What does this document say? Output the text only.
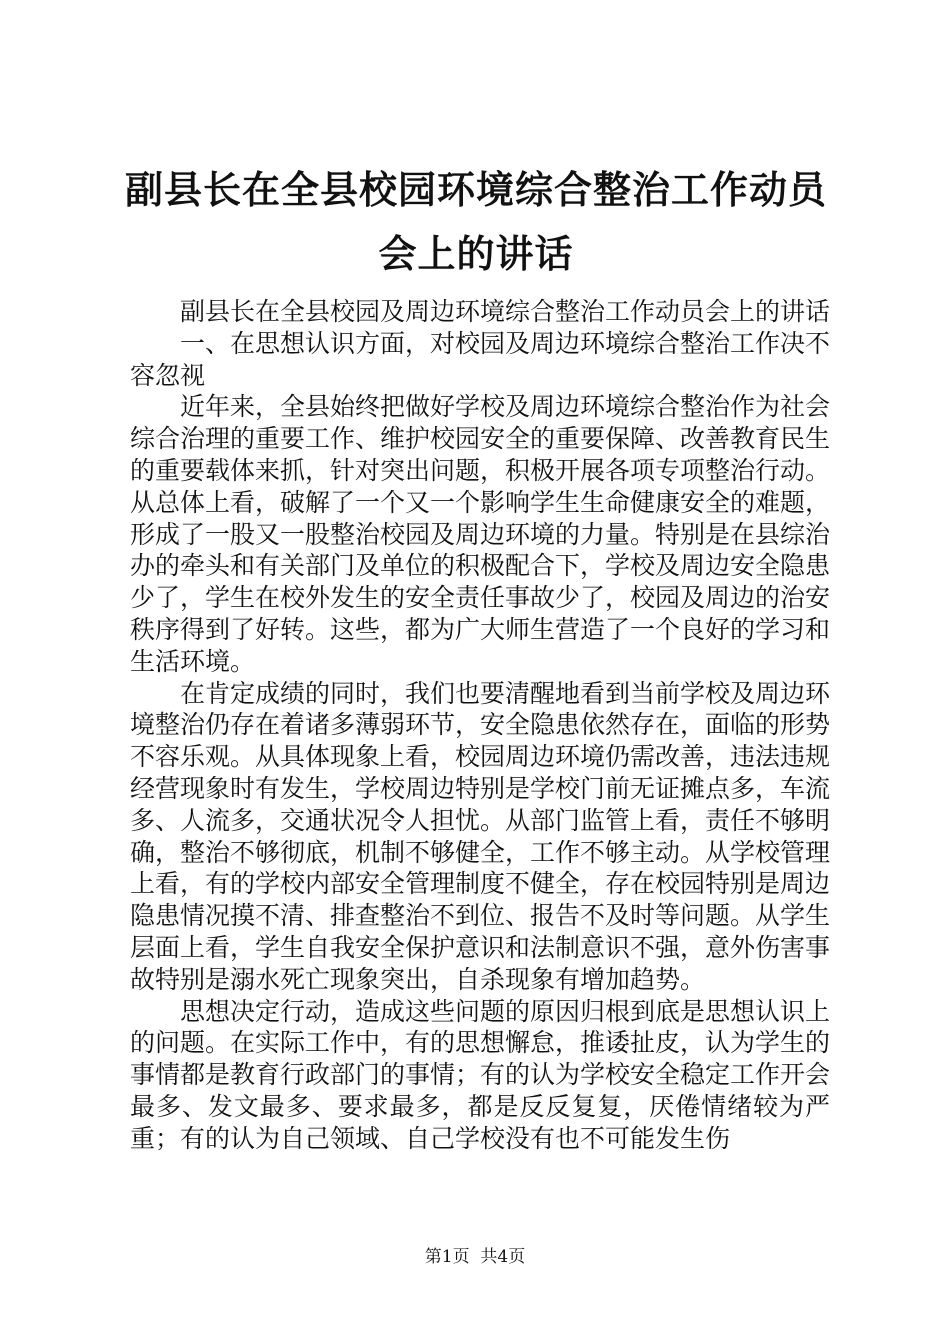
副县长在全县校园环境综合整治工作动员会上的讲话

副县长在全县校园及周边环境综合整治工作动员会上的讲话

一、在思想认识方面，对校园及周边环境综合整治工作决不容忽视

近年来，全县始终把做好学校及周边环境综合整治作为社会综合治理的重要工作、维护校园安全的重要保障、改善教育民生的重要载体来抓，针对突出问题，积极开展各项专项整治行动。从总体上看，破解了一个又一个影响学生生命健康安全的难题，形成了一股又一股整治校园及周边环境的力量。特别是在县综治办的牵头和有关部门及单位的积极配合下，学校及周边安全隐患少了，学生在校外发生的安全责任事故少了，校园及周边的治安秩序得到了好转。这些，都为广大师生营造了一个良好的学习和生活环境。

在肯定成绩的同时，我们也要清醒地看到当前学校及周边环境整治仍存在着诸多薄弱环节，安全隐患依然存在，面临的形势不容乐观。从具体现象上看，校园周边环境仍需改善，违法违规经营现象时有发生，学校周边特别是学校门前无证摊点多，车流多、人流多，交通状况令人担忧。从部门监管上看，责任不够明确，整治不够彻底，机制不够健全，工作不够主动。从学校管理上看，有的学校内部安全管理制度不健全，存在校园特别是周边隐患情况摸不清、排查整治不到位、报告不及时等问题。从学生层面上看，学生自我安全保护意识和法制意识不强，意外伤害事故特别是溺水死亡现象突出，自杀现象有增加趋势。

思想决定行动，造成这些问题的原因归根到底是思想认识上的问题。在实际工作中，有的思想懈怠，推诿扯皮，认为学生的事情都是教育行政部门的事情；有的认为学校安全稳定工作开会最多、发文最多、要求最多，都是反反复复，厌倦情绪较为严重；有的认为自己领域、自己学校没有也不可能发生伤

第1页  共4页
